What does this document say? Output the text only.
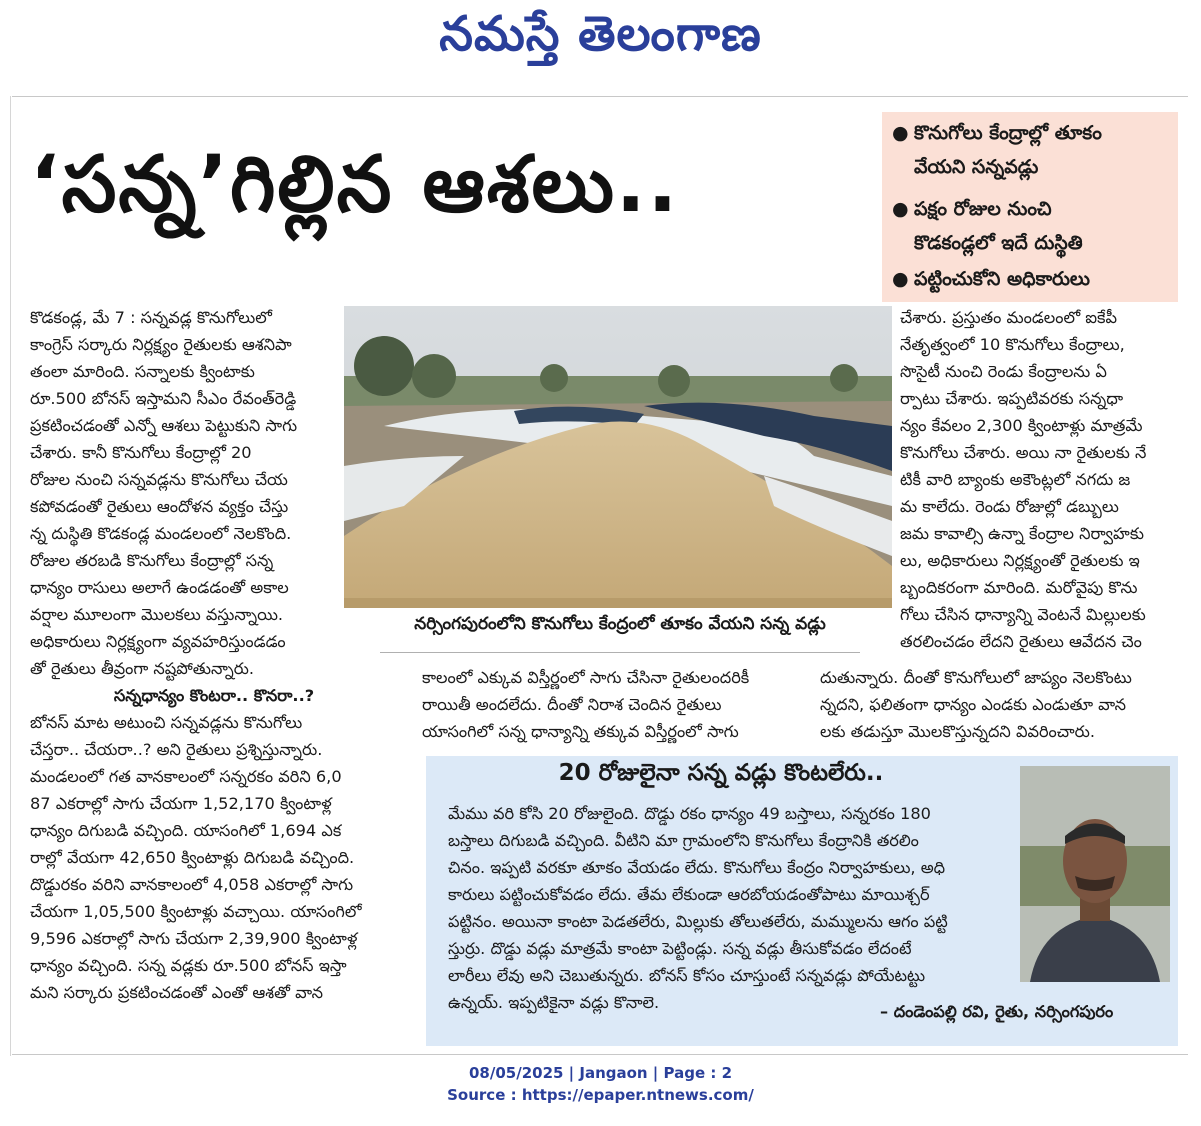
నమస్తే తెలంగాణ
‘సన్న’గిల్లిన ఆశలు..
● కొనుగోలు కేంద్రాల్లో తూకం
వేయని సన్నవడ్లు
● పక్షం రోజుల నుంచి
కొడకండ్లలో ఇదే దుస్థితి
● పట్టించుకోని అధికారులు

కొడకండ్ల, మే 7 : సన్నవడ్ల కొనుగోలులో

కాంగ్రెస్ సర్కారు నిర్లక్ష్యం రైతులకు ఆశనిపా

తంలా మారింది. సన్నాలకు క్వింటాకు

రూ.500 బోనస్ ఇస్తామని సీఎం రేవంత్‌రెడ్డి

ప్రకటించడంతో ఎన్నో ఆశలు పెట్టుకుని సాగు

చేశారు. కానీ కొనుగోలు కేంద్రాల్లో 20

రోజుల నుంచి సన్నవడ్లను కొనుగోలు చేయ

కపోవడంతో రైతులు ఆందోళన వ్యక్తం చేస్తు

న్న దుస్థితి కొడకండ్ల మండలంలో నెలకొంది.

రోజుల తరబడి కొనుగోలు కేంద్రాల్లో సన్న

ధాన్యం రాసులు అలాగే ఉండడంతో అకాల

వర్షాల మూలంగా మొలకలు వస్తున్నాయి.

అధికారులు నిర్లక్ష్యంగా వ్యవహరిస్తుండడం

తో రైతులు తీవ్రంగా నష్టపోతున్నారు.

సన్నధాన్యం కొంటరా.. కొనరా..?

బోనస్ మాట అటుంచి సన్నవడ్లను కొనుగోలు

చేస్తరా.. చేయరా..? అని రైతులు ప్రశ్నిస్తున్నారు.

మండలంలో గత వానకాలంలో సన్నరకం వరిని 6,0

87 ఎకరాల్లో సాగు చేయగా 1,52,170 క్వింటాళ్ల

ధాన్యం దిగుబడి వచ్చింది. యాసంగిలో 1,694 ఎక

రాల్లో వేయగా 42,650 క్వింటాళ్లు దిగుబడి వచ్చింది.

దొడ్డురకం వరిని వానకాలంలో 4,058 ఎకరాల్లో సాగు

చేయగా 1,05,500 క్వింటాళ్లు వచ్చాయి. యాసంగిలో

9,596 ఎకరాల్లో సాగు చేయగా 2,39,900 క్వింటాళ్ల

ధాన్యం వచ్చింది. సన్న వడ్లకు రూ.500 బోనస్ ఇస్తా

మని సర్కారు ప్రకటించడంతో ఎంతో ఆశతో వాన

నర్సింగపురంలోని కొనుగోలు కేంద్రంలో తూకం వేయని సన్న వడ్లు

కాలంలో ఎక్కువ విస్తీర్ణంలో సాగు చేసినా రైతులందరికీ

రాయితీ అందలేదు. దీంతో నిరాశ చెందిన రైతులు

యాసంగిలో సన్న ధాన్యాన్ని తక్కువ విస్తీర్ణంలో సాగు

చేశారు. ప్రస్తుతం మండలంలో ఐకేపీ

నేతృత్వంలో 10 కొనుగోలు కేంద్రాలు,

సొసైటీ నుంచి రెండు కేంద్రాలను ఏ

ర్పాటు చేశారు. ఇప్పటివరకు సన్నధా

న్యం కేవలం 2,300 క్వింటాళ్లు మాత్రమే

కొనుగోలు చేశారు. అయి నా రైతులకు నే

టికీ వారి బ్యాంకు అకౌంట్లలో నగదు జ

మ కాలేదు. రెండు రోజుల్లో డబ్బులు

జమ కావాల్సి ఉన్నా కేంద్రాల నిర్వాహకు

లు, అధికారులు నిర్లక్ష్యంతో రైతులకు ఇ

బ్బందికరంగా మారింది. మరోవైపు కొను

గోలు చేసిన ధాన్యాన్ని వెంటనే మిల్లులకు

తరలించడం లేదని రైతులు ఆవేదన చెం

దుతున్నారు. దీంతో కొనుగోలులో జాప్యం నెలకొంటు

న్నదని, ఫలితంగా ధాన్యం ఎండకు ఎండుతూ వాన

లకు తడుస్తూ మొలకొస్తున్నదని వివరించారు.

20 రోజులైనా సన్న వడ్లు కొంటలేరు..

మేము వరి కోసి 20 రోజులైంది. దొడ్డు రకం ధాన్యం 49 బస్తాలు, సన్నరకం 180

బస్తాలు దిగుబడి వచ్చింది. వీటిని మా గ్రామంలోని కొనుగోలు కేంద్రానికి తరలిం

చినం. ఇప్పటి వరకూ తూకం వేయడం లేదు. కొనుగోలు కేంద్రం నిర్వాహకులు, అధి

కారులు పట్టించుకోవడం లేదు. తేమ లేకుండా ఆరబోయడంతోపాటు మాయిశ్చర్

పట్టినం. అయినా కాంటా పెడతలేరు, మిల్లుకు తోలుతలేరు, మమ్ములను ఆగం పట్టి

స్తుర్రు. దొడ్డు వడ్లు మాత్రమే కాంటా పెట్టిండ్లు. సన్న వడ్లు తీసుకోవడం లేదంటే

లారీలు లేవు అని చెబుతున్నరు. బోనస్ కోసం చూస్తుంటే సన్నవడ్లు పోయేటట్టు

ఉన్నయ్. ఇప్పటికైనా వడ్లు కొనాలె.	– దండెంపల్లి రవి, రైతు, నర్సింగపురం
08/05/2025 | Jangaon | Page : 2
Source : https://epaper.ntnews.com/
